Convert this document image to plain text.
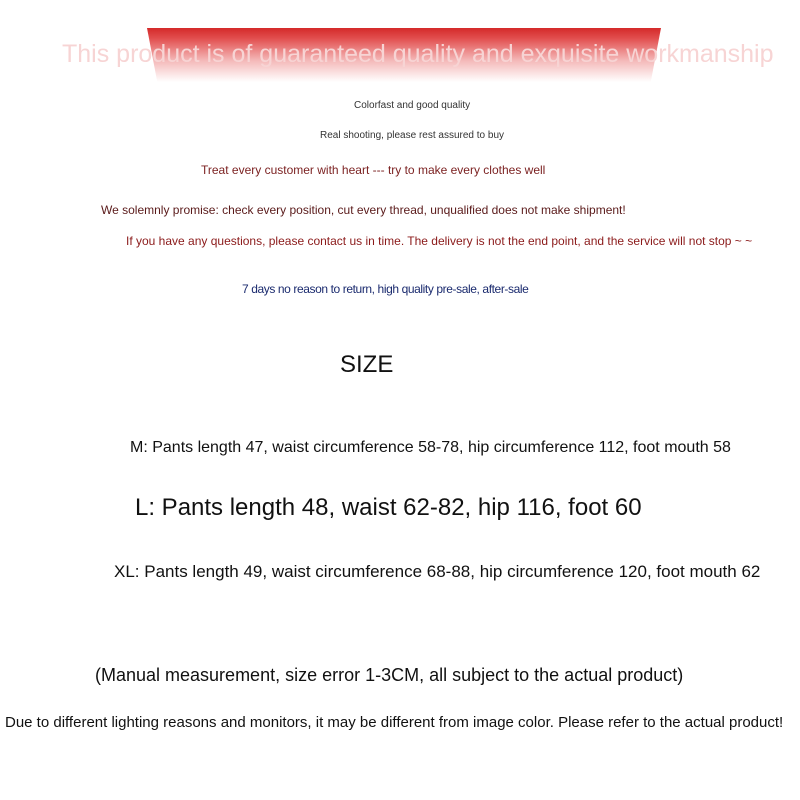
This product is of guaranteed quality and exquisite workmanship
Colorfast and good quality
Real shooting, please rest assured to buy
Treat every customer with heart --- try to make every clothes well
We solemnly promise: check every position, cut every thread, unqualified does not make shipment!
If you have any questions, please contact us in time. The delivery is not the end point, and the service will not stop ~ ~
7 days no reason to return, high quality pre-sale, after-sale
SIZE
M: Pants length 47, waist circumference 58-78, hip circumference 112, foot mouth 58
L: Pants length 48, waist 62-82, hip 116, foot 60
XL: Pants length 49, waist circumference 68-88, hip circumference 120, foot mouth 62
(Manual measurement, size error 1-3CM, all subject to the actual product)
Due to different lighting reasons and monitors, it may be different from image color. Please refer to the actual product!
